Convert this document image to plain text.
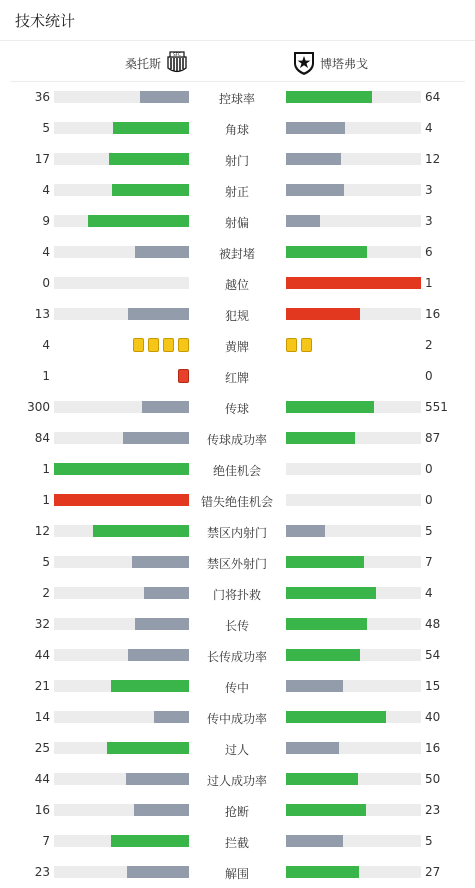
技术统计
桑托斯
SFC
博塔弗戈
36	控球率	64
5	角球	4
17	射门	12
4	射正	3
9	射偏	3
4	被封堵	6
0	越位	1
13	犯规	16
4	黄牌	2
1	红牌	0
300	传球	551
84	传球成功率	87
1	绝佳机会	0
1	错失绝佳机会	0
12	禁区内射门	5
5	禁区外射门	7
2	门将扑救	4
32	长传	48
44	长传成功率	54
21	传中	15
14	传中成功率	40
25	过人	16
44	过人成功率	50
16	抢断	23
7	拦截	5
23	解围	27
